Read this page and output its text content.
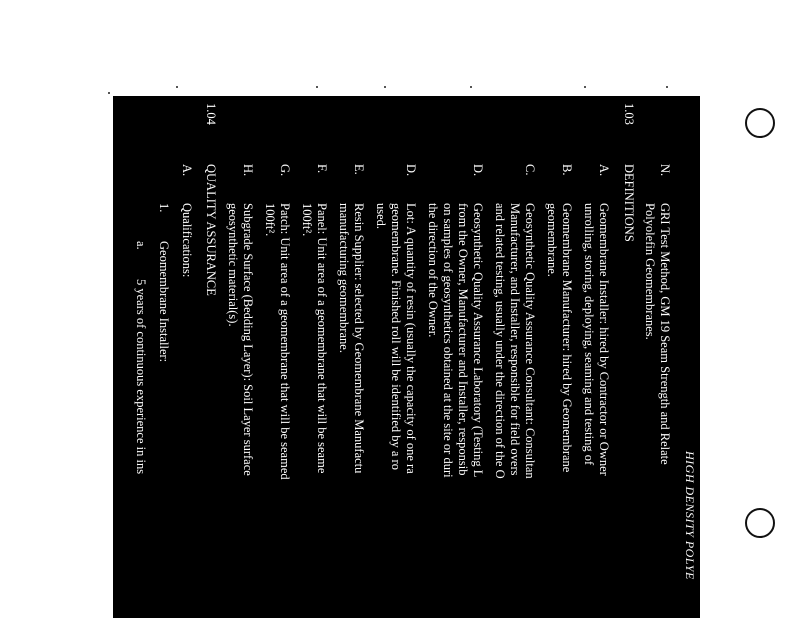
HIGH DENSITY POLYE
N.
GRI Test Method, GM 19 Seam Strength and Relate
Polyolefin Geomembranes.
1.03
DEFINITIONS
A.
Geomembrane Installer: hired by Contractor or Owner
unrolling, storing, deploying, seaming and testing of
B.
Geomembrane Manufacturer: hired by Geomembrane
geomembrane.
C.
Geosynthetic Quality Assurance Consultant: Consultan
Manufacturer, and Installer, responsible for field overs
and related testing, usually under the direction of the O
D.
Geosynthetic Quality Assurance Laboratory (Testing L
from the Owner, Manufacturer and Installer, responsib
on samples of geosynthetics obtained at the site or duri
the direction of the Owner.
D.
Lot: A quantity of resin (usually the capacity of one ra
geomembrane. Finished roll will be identified by a ro
used.
E.
Resin Supplier: selected by Geomembrane Manufactu
manufacturing geomembrane.
F.
Panel: Unit area of a geomembrane that will be seame
100ft².
G.
Patch: Unit area of a geomembrane that will be seamed
100ft².
H.
Subgrade Surface (Bedding Layer): Soil Layer surface
geosynthetic material(s).
1.04
QUALITY ASSURANCE
A.
Qualifications:
1.
Geomembrane Installer:
a.
5 years of continuous experience in ins
